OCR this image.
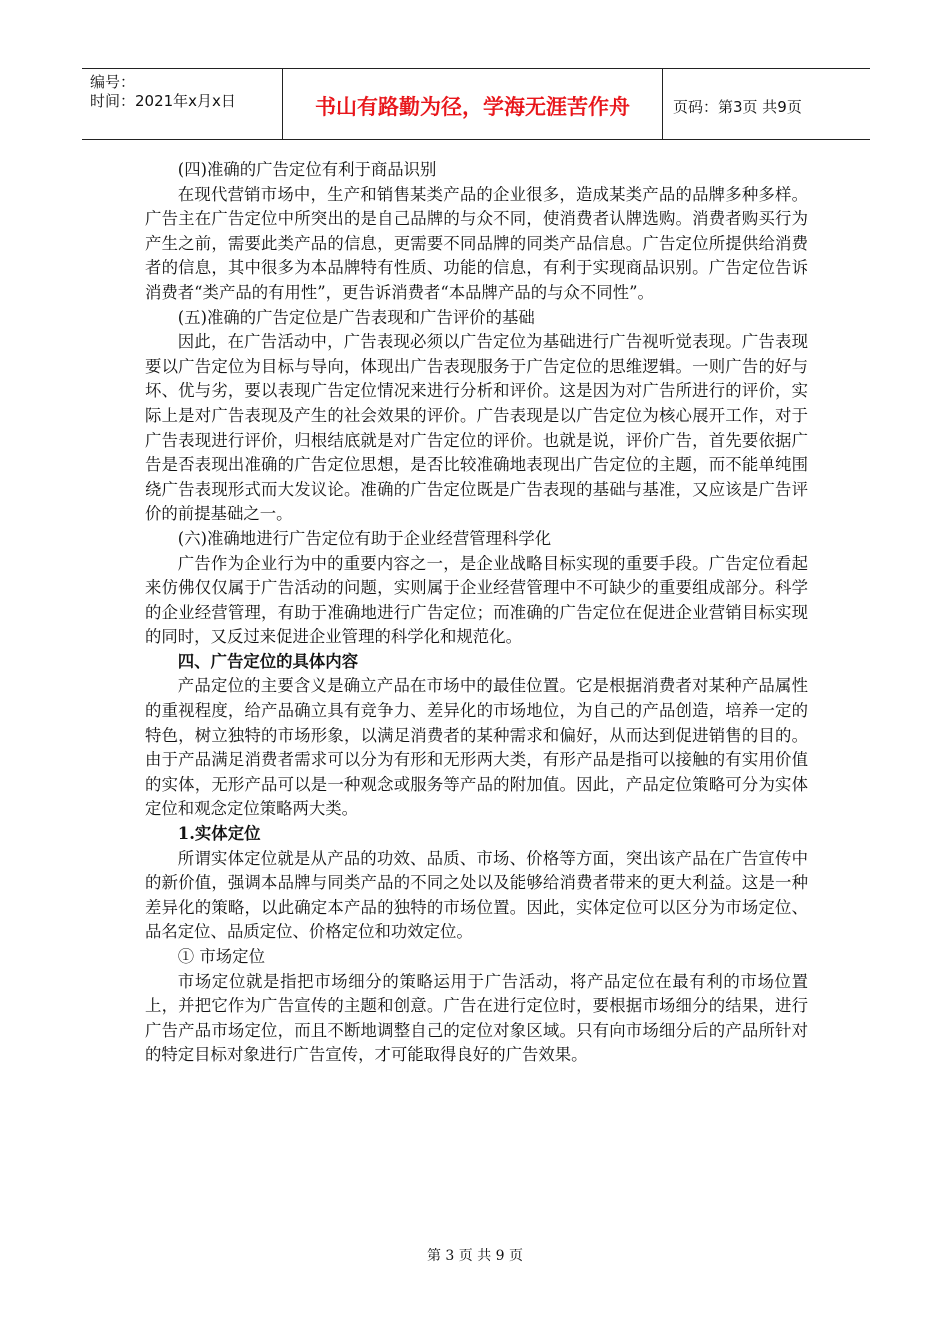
编号：
时间：2021年x月x日	书山有路勤为径，学海无涯苦作舟	页码：第3页 共9页

(四)准确的广告定位有利于商品识别

在现代营销市场中，生产和销售某类产品的企业很多，造成某类产品的品牌多种多样。广告主在广告定位中所突出的是自己品牌的与众不同，使消费者认牌选购。消费者购买行为产生之前，需要此类产品的信息，更需要不同品牌的同类产品信息。广告定位所提供给消费者的信息，其中很多为本品牌特有性质、功能的信息，有利于实现商品识别。广告定位告诉消费者“类产品的有用性”，更告诉消费者“本品牌产品的与众不同性”。

(五)准确的广告定位是广告表现和广告评价的基础

因此，在广告活动中，广告表现必须以广告定位为基础进行广告视听觉表现。广告表现要以广告定位为目标与导向，体现出广告表现服务于广告定位的思维逻辑。一则广告的好与坏、优与劣，要以表现广告定位情况来进行分析和评价。这是因为对广告所进行的评价，实际上是对广告表现及产生的社会效果的评价。广告表现是以广告定位为核心展开工作，对于广告表现进行评价，归根结底就是对广告定位的评价。也就是说，评价广告，首先要依据广告是否表现出准确的广告定位思想，是否比较准确地表现出广告定位的主题，而不能单纯围绕广告表现形式而大发议论。准确的广告定位既是广告表现的基础与基准，又应该是广告评价的前提基础之一。

(六)准确地进行广告定位有助于企业经营管理科学化

广告作为企业行为中的重要内容之一，是企业战略目标实现的重要手段。广告定位看起来仿佛仅仅属于广告活动的问题，实则属于企业经营管理中不可缺少的重要组成部分。科学的企业经营管理，有助于准确地进行广告定位；而准确的广告定位在促进企业营销目标实现的同时，又反过来促进企业管理的科学化和规范化。

四、广告定位的具体内容

产品定位的主要含义是确立产品在市场中的最佳位置。它是根据消费者对某种产品属性的重视程度，给产品确立具有竞争力、差异化的市场地位，为自己的产品创造，培养一定的特色，树立独特的市场形象，以满足消费者的某种需求和偏好，从而达到促进销售的目的。由于产品满足消费者需求可以分为有形和无形两大类，有形产品是指可以接触的有实用价值的实体，无形产品可以是一种观念或服务等产品的附加值。因此，产品定位策略可分为实体定位和观念定位策略两大类。

1.实体定位

所谓实体定位就是从产品的功效、品质、市场、价格等方面，突出该产品在广告宣传中的新价值，强调本品牌与同类产品的不同之处以及能够给消费者带来的更大利益。这是一种差异化的策略，以此确定本产品的独特的市场位置。因此，实体定位可以区分为市场定位、品名定位、品质定位、价格定位和功效定位。

① 市场定位

市场定位就是指把市场细分的策略运用于广告活动，将产品定位在最有利的市场位置上，并把它作为广告宣传的主题和创意。广告在进行定位时，要根据市场细分的结果，进行广告产品市场定位，而且不断地调整自己的定位对象区域。只有向市场细分后的产品所针对的特定目标对象进行广告宣传，才可能取得良好的广告效果。

第 3 页 共 9 页
